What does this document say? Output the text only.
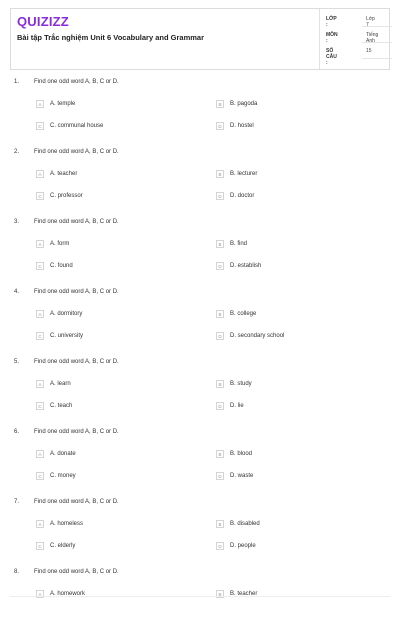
QUIZIZZ
Bài tập Trắc nghiệm Unit 6 Vocabulary and Grammar
LỚP :
Lớp 7
MÔN :
Tiếng Anh
SỐ CÂU :
15
1. Find one odd word A, B, C or D.
A	A. temple	B	B. pagoda
C	C. communal house	D	D. hostel
2. Find one odd word A, B, C or D.
A	A. teacher	B	B. lecturer
C	C. professor	D	D. doctor
3. Find one odd word A, B, C or D.
A	A. form	B	B. find
C	C. found	D	D. establish
4. Find one odd word A, B, C or D.
A	A. dormitory	B	B. college
C	C. university	D	D. secondary school
5. Find one odd word A, B, C or D.
A	A. learn	B	B. study
C	C. teach	D	D. lie
6. Find one odd word A, B, C or D.
A	A. donate	B	B. blood
C	C. money	D	D. waste
7. Find one odd word A, B, C or D.
A	A. homeless	B	B. disabled
C	C. elderly	D	D. people
8. Find one odd word A, B, C or D.
A	A. homework	B	B. teacher
